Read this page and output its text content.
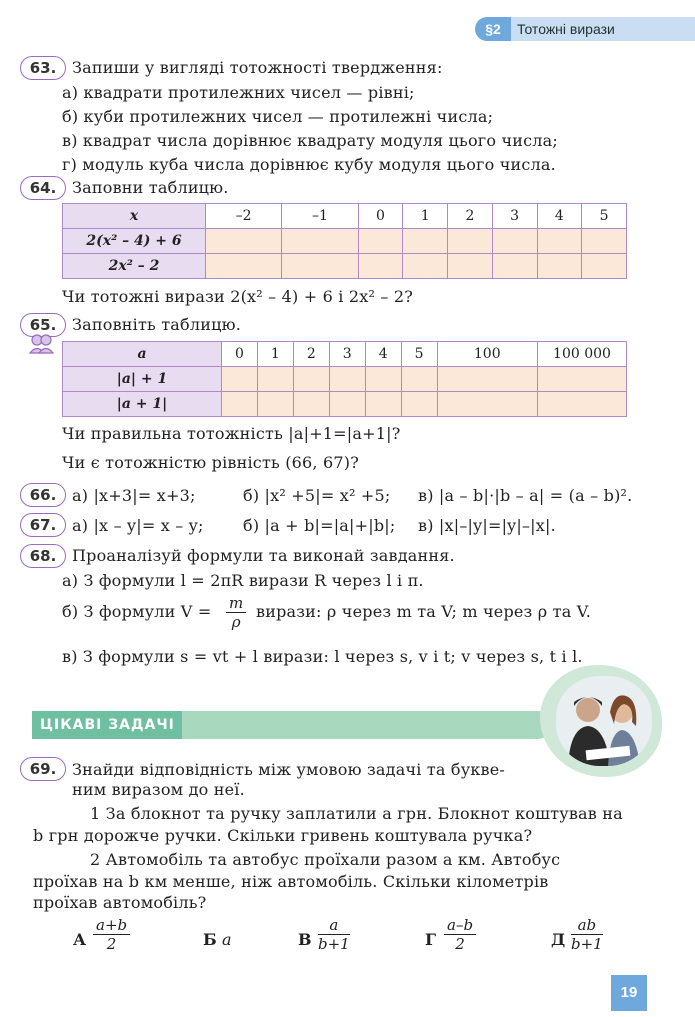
§2	Тотожні вирази
63. Запиши у вигляді тотожності твердження:
а) квадрати протилежних чисел — рівні;
б) куби протилежних чисел — протилежні числа;
в) квадрат числа дорівнює квадрату модуля цього числа;
г) модуль куба числа дорівнює кубу модуля цього числа.
64. Заповни таблицю.
x	–2	–1	0	1	2	3	4	5
2(x² – 4) + 6								
2x² – 2								
Чи тотожні вирази 2(x² – 4) + 6 і 2x² – 2?
65. Заповніть таблицю.
a	0	1	2	3	4	5	100	100 000
|a| + 1								
|a + 1|								
Чи правильна тотожність |a|+1=|a+1|?
Чи є тотожністю рівність (66, 67)?
66. а) |x+3|= x+3;	б) |x² +5|= x² +5; в) |a – b|·|b – a| = (a – b)².
67. а) |x – y|= x – y; б) |a + b|=|a|+|b|; в) |x|–|y|=|y|–|x|.
68. Проаналізуй формули та виконай завдання.
а) З формули l = 2πR вирази R через l і π.
б) З формули $V = \frac{m}{\rho}$ вирази: ρ через m та V; m через ρ та V.
в) З формули s = vt + l вирази: l через s, v і t; v через s, t і l.
ЦІКАВІ ЗАДАЧІ
69. Знайди відповідність між умовою задачі та букве-
ним виразом до неї.
1 За блокнот та ручку заплатили a грн. Блокнот коштував на
b грн дорожче ручки. Скільки гривень коштувала ручка?
2 Автомобіль та автобус проїхали разом a км. Автобус
проїхав на b км менше, ніж автомобіль. Скільки кілометрів
проїхав автомобіль?
А $\frac{a+b}{2}$	Б a	В $\frac{a}{b+1}$	Г $\frac{a-b}{2}$	Д $\frac{ab}{b+1}$
19
